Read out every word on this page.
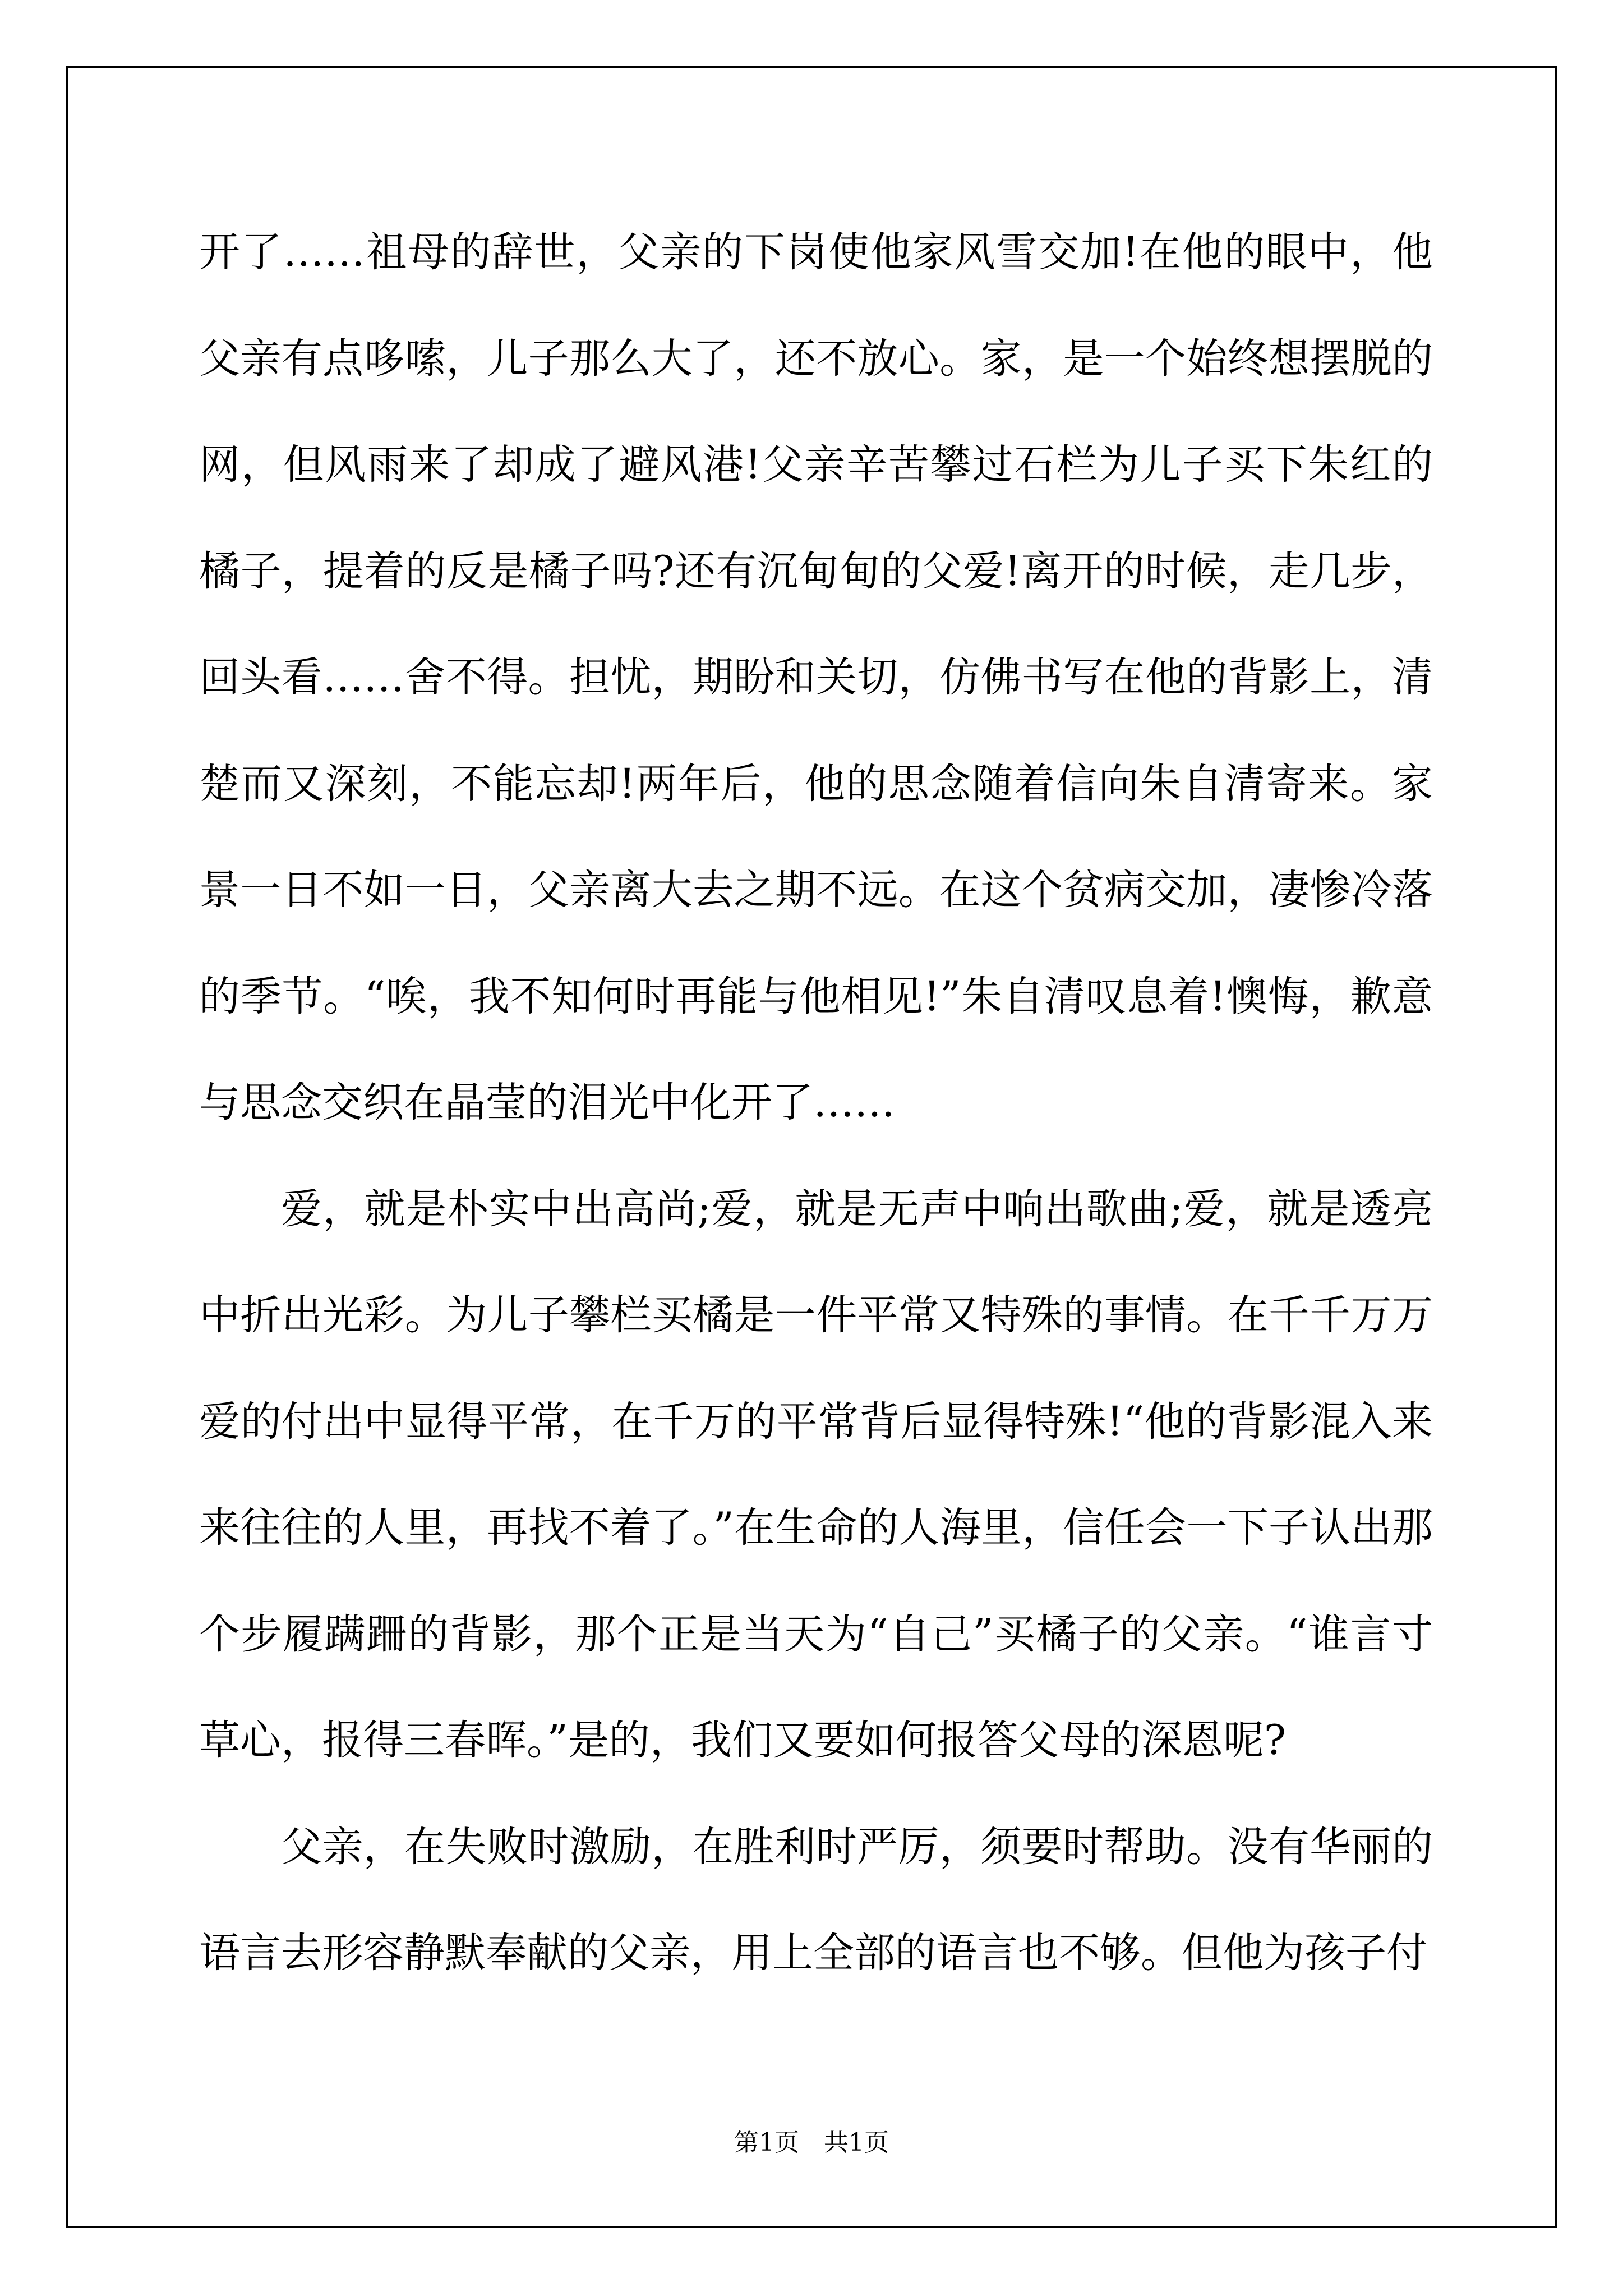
开了……祖母的辞世，父亲的下岗使他家风雪交加!在他的眼中，他父亲有点哆嗦，儿子那么大了，还不放心。家，是一个始终想摆脱的网，但风雨来了却成了避风港!父亲辛苦攀过石栏为儿子买下朱红的橘子，提着的反是橘子吗?还有沉甸甸的父爱!离开的时候，走几步，回头看……舍不得。担忧，期盼和关切，仿佛书写在他的背影上，清楚而又深刻，不能忘却!两年后，他的思念随着信向朱自清寄来。家景一日不如一日，父亲离大去之期不远。在这个贫病交加，凄惨冷落的季节。“唉，我不知何时再能与他相见!”朱自清叹息着!懊悔，歉意与思念交织在晶莹的泪光中化开了……

爱，就是朴实中出高尚;爱，就是无声中响出歌曲;爱，就是透亮中折出光彩。为儿子攀栏买橘是一件平常又特殊的事情。在千千万万爱的付出中显得平常，在千万的平常背后显得特殊!“他的背影混入来来往往的人里，再找不着了。”在生命的人海里，信任会一下子认出那个步履蹒跚的背影，那个正是当天为“自己”买橘子的父亲。“谁言寸草心，报得三春晖。”是的，我们又要如何报答父母的深恩呢?

父亲，在失败时激励，在胜利时严厉，须要时帮助。没有华丽的语言去形容静默奉献的父亲，用上全部的语言也不够。但他为孩子付

第1页　共1页
